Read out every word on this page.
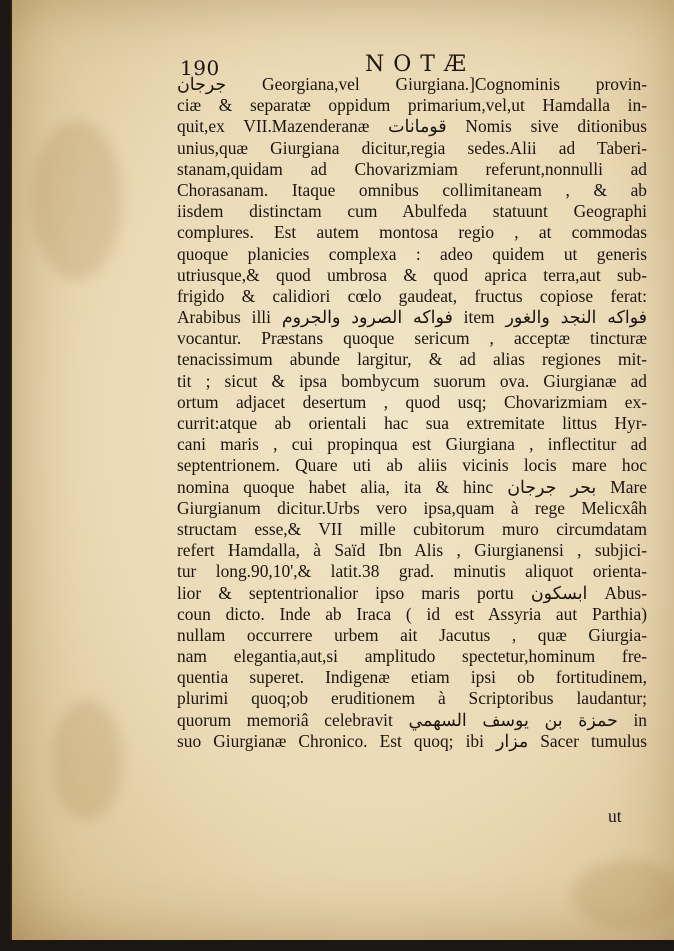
190	NOTÆ
جرجان Georgiana,vel Giurgiana.]Cognominis provin-
ciæ & separatæ oppidum primarium,vel,ut Hamdalla in-
quit,ex VII.Mazenderanæ قومانات Nomis sive ditionibus
unius,quæ Giurgiana dicitur,regia sedes.Alii ad Taberi-
stanam,quidam ad Chovarizmiam referunt,nonnulli ad
Chorasanam. Itaque omnibus collimitaneam , & ab
iisdem distinctam cum Abulfeda statuunt Geographi
complures. Est autem montosa regio , at commodas
quoque planicies complexa : adeo quidem ut generis
utriusque,& quod umbrosa & quod aprica terra,aut sub-
frigido & calidiori cœlo gaudeat, fructus copiose ferat:
Arabibus illi فواكه الصرود والجروم item فواكه النجد والغور
vocantur. Præstans quoque sericum , acceptæ tincturæ
tenacissimum abunde largitur, & ad alias regiones mit-
tit ; sicut & ipsa bombycum suorum ova. Giurgianæ ad
ortum adjacet desertum , quod usq; Chovarizmiam ex-
currit:atque ab orientali hac sua extremitate littus Hyr-
cani maris , cui propinqua est Giurgiana , inflectitur ad
septentrionem. Quare uti ab aliis vicinis locis mare hoc
nomina quoque habet alia, ita & hinc بحر جرجان Mare
Giurgianum dicitur.Urbs vero ipsa,quam à rege Melicxâh
structam esse,& VII mille cubitorum muro circumdatam
refert Hamdalla, à Saïd Ibn Alis , Giurgianensi , subjici-
tur long.90,10',& latit.38 grad. minutis aliquot orienta-
lior & septentrionalior ipso maris portu ابسكون Abus-
coun dicto. Inde ab Iraca ( id est Assyria aut Parthia)
nullam occurrere urbem ait Jacutus , quæ Giurgia-
nam elegantia,aut,si amplitudo spectetur,hominum fre-
quentia superet. Indigenæ etiam ipsi ob fortitudinem,
plurimi quoq;ob eruditionem à Scriptoribus laudantur;
quorum memoriâ celebravit حمزة بن يوسف السهمي in
suo Giurgianæ Chronico. Est quoq; ibi مزار Sacer tumulus
ut
